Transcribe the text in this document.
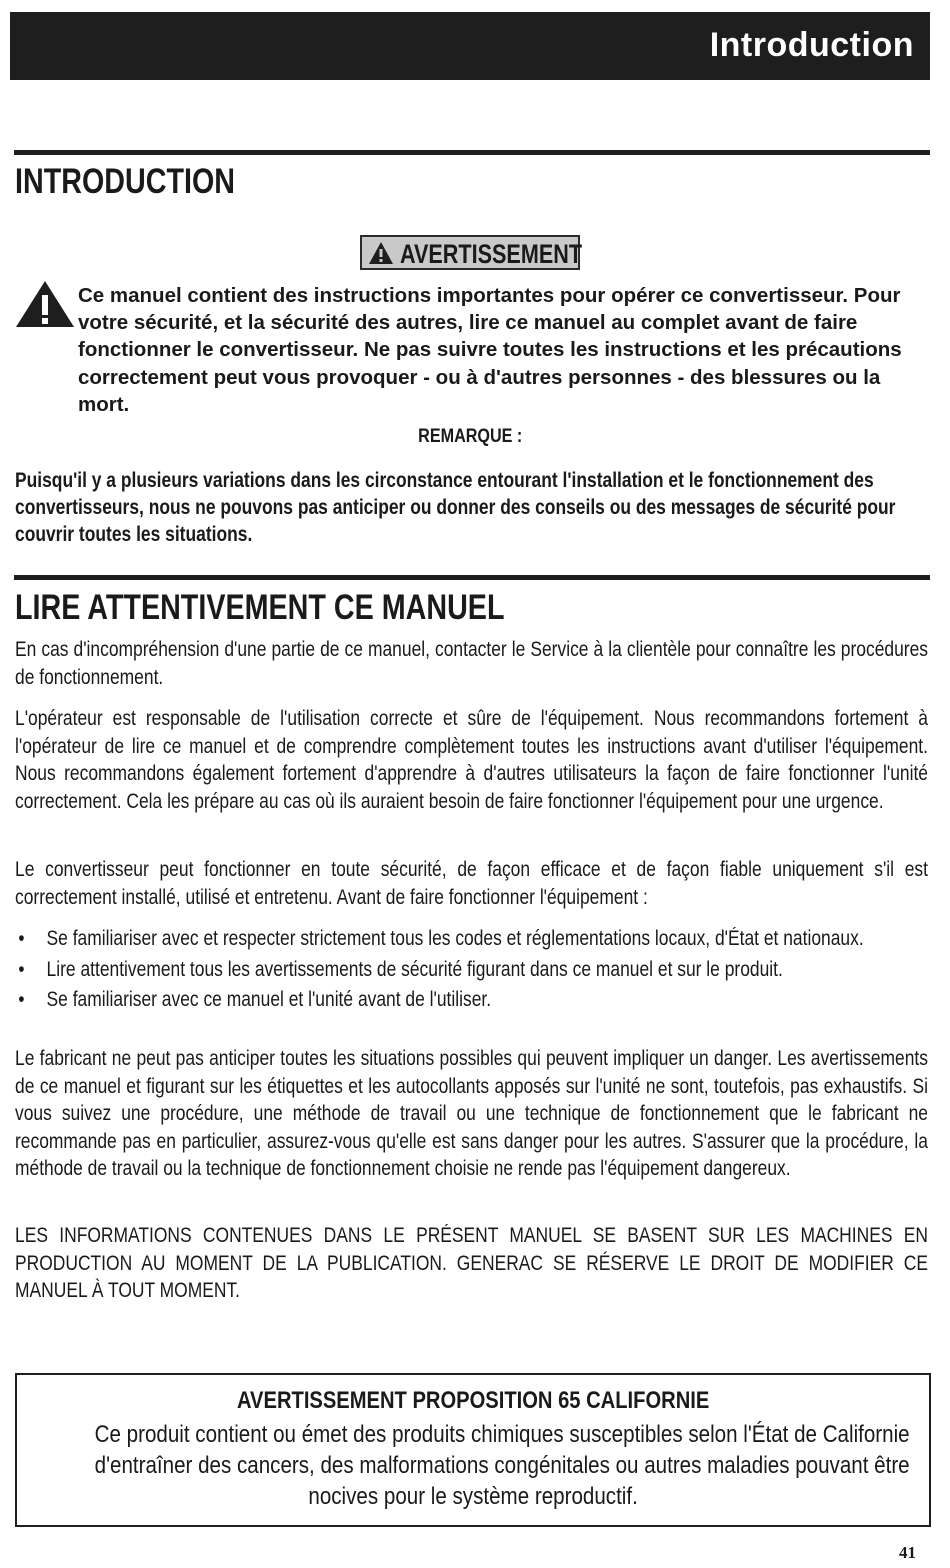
Introduction
INTRODUCTION
AVERTISSEMENT

Ce manuel contient des instructions importantes pour opérer ce convertisseur. Pour votre sécurité, et la sécurité des autres, lire ce manuel au complet avant de faire fonctionner le convertisseur. Ne pas suivre toutes les instructions et les précautions correctement peut vous provoquer - ou à d'autres personnes - des blessures ou la mort.

REMARQUE :

Puisqu'il y a plusieurs variations dans les circonstance entourant l'installation et le fonctionnement des convertisseurs, nous ne pouvons pas anticiper ou donner des conseils ou des messages de sécurité pour couvrir toutes les situations.

LIRE ATTENTIVEMENT CE MANUEL

En cas d'incompréhension d'une partie de ce manuel, contacter le Service à la clientèle pour connaître les procédures de fonctionnement.

L'opérateur est responsable de l'utilisation correcte et sûre de l'équipement. Nous recommandons fortement à l'opérateur de lire ce manuel et de comprendre complètement toutes les instructions avant d'utiliser l'équipement. Nous recommandons également fortement d'apprendre à d'autres utilisateurs la façon de faire fonctionner l'unité correctement. Cela les prépare au cas où ils auraient besoin de faire fonctionner l'équipement pour une urgence.

Le convertisseur peut fonctionner en toute sécurité, de façon efficace et de façon fiable uniquement s'il est correctement installé, utilisé et entretenu. Avant de faire fonctionner l'équipement :

• Se familiariser avec et respecter strictement tous les codes et réglementations locaux, d'État et nationaux.
• Lire attentivement tous les avertissements de sécurité figurant dans ce manuel et sur le produit.
• Se familiariser avec ce manuel et l'unité avant de l'utiliser.

Le fabricant ne peut pas anticiper toutes les situations possibles qui peuvent impliquer un danger. Les avertissements de ce manuel et figurant sur les étiquettes et les autocollants apposés sur l'unité ne sont, toutefois, pas exhaustifs. Si vous suivez une procédure, une méthode de travail ou une technique de fonctionnement que le fabricant ne recommande pas en particulier, assurez-vous qu'elle est sans danger pour les autres. S'assurer que la procédure, la méthode de travail ou la technique de fonctionnement choisie ne rende pas l'équipement dangereux.

LES INFORMATIONS CONTENUES DANS LE PRÉSENT MANUEL SE BASENT SUR LES MACHINES EN PRODUCTION AU MOMENT DE LA PUBLICATION. GENERAC SE RÉSERVE LE DROIT DE MODIFIER CE MANUEL À TOUT MOMENT.

AVERTISSEMENT PROPOSITION 65 CALIFORNIE
Ce produit contient ou émet des produits chimiques susceptibles selon l'État de Californie
d'entraîner des cancers, des malformations congénitales ou autres maladies pouvant être
nocives pour le système reproductif.
41
